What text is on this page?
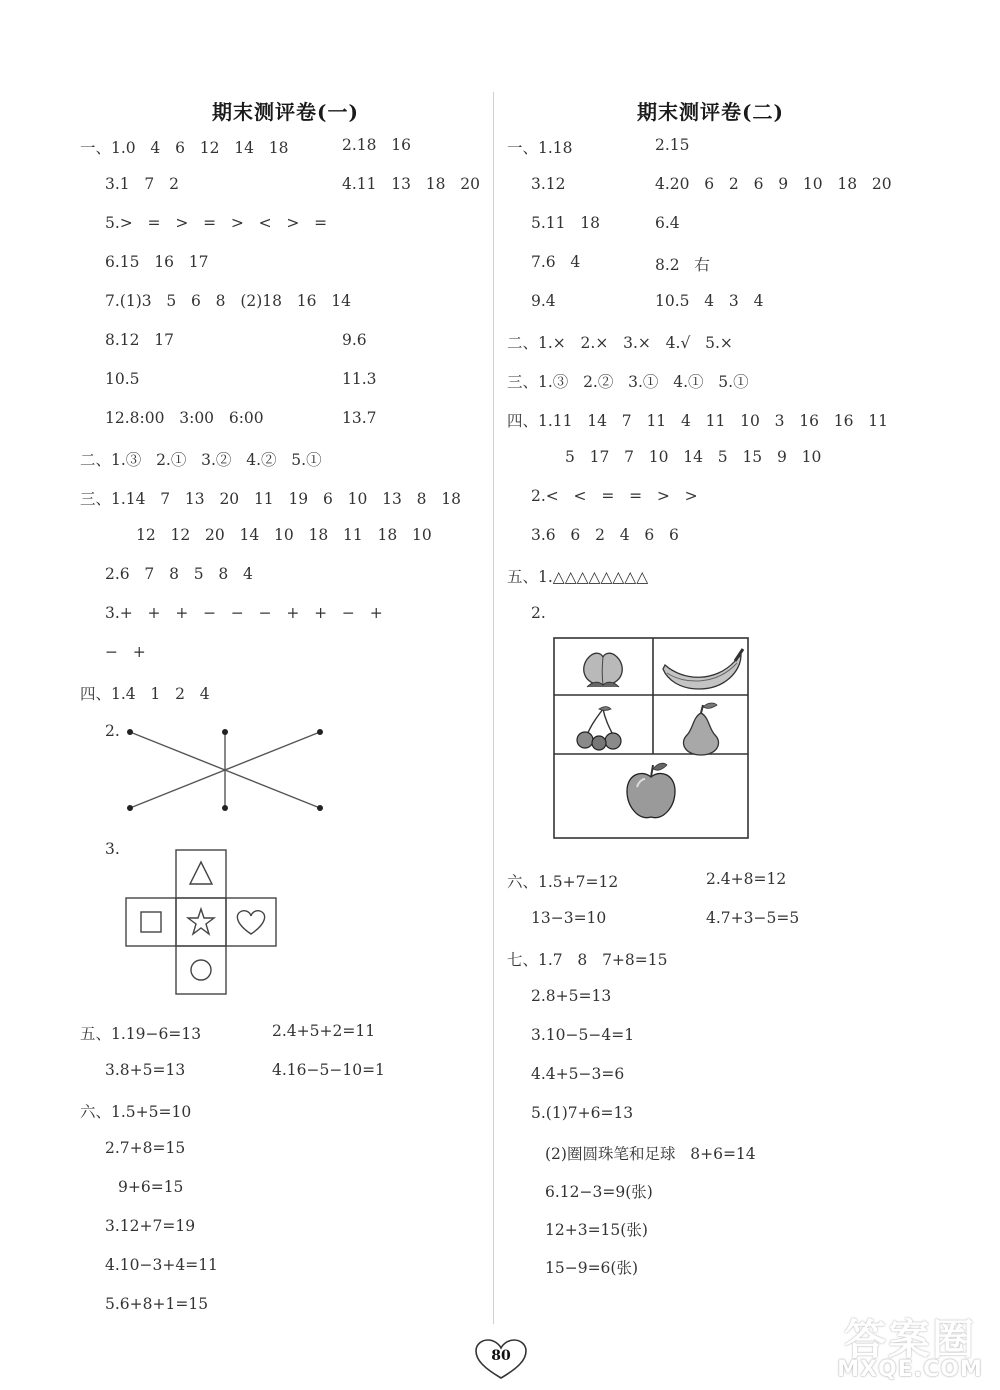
期末测评卷(一)
一、1.0   4   6   12   14   18	2.18   16
3.1   7   2	4.11   13   18   20
5.>   =   >   =   >   <   >   =
6.15   16   17
7.(1)3   5   6   8   (2)18   16   14
8.12   17	9.6
10.5	11.3
12.8:00   3:00   6:00	13.7
二、1.③   2.①   3.②   4.②   5.①
三、1.14   7   13   20   11   19   6   10   13   8   18
12   12   20   14   10   18   11   18   10
2.6   7   8   5   8   4
3.+   +   +   −   −   −   +   +   −   +
−   +
四、1.4   1   2   4
2.
3.
五、1.19−6=13	2.4+5+2=11
3.8+5=13	4.16−5−10=1
六、1.5+5=10
2.7+8=15
9+6=15
3.12+7=19
4.10−3+4=11
5.6+8+1=15
期末测评卷(二)
一、1.18	2.15
3.12	4.20   6   2   6   9   10   18   20
5.11   18	6.4
7.6   4	8.2   右
9.4	10.5   4   3   4
二、1.×   2.×   3.×   4.√   5.×
三、1.③   2.②   3.①   4.①   5.①
四、1.11   14   7   11   4   11   10   3   16   16   11
5   17   7   10   14   5   15   9   10
2.<   <   =   =   >   >
3.6   6   2   4   6   6
五、1.△△△△△△△△
2.
六、1.5+7=12	2.4+8=12
13−3=10	4.7+3−5=5
七、1.7   8   7+8=15
2.8+5=13
3.10−5−4=1
4.4+5−3=6
5.(1)7+6=13
(2)圈圆珠笔和足球   8+6=14
6.12−3=9(张)
12+3=15(张)
15−9=6(张)
80	答案圈
MXQE.COM
